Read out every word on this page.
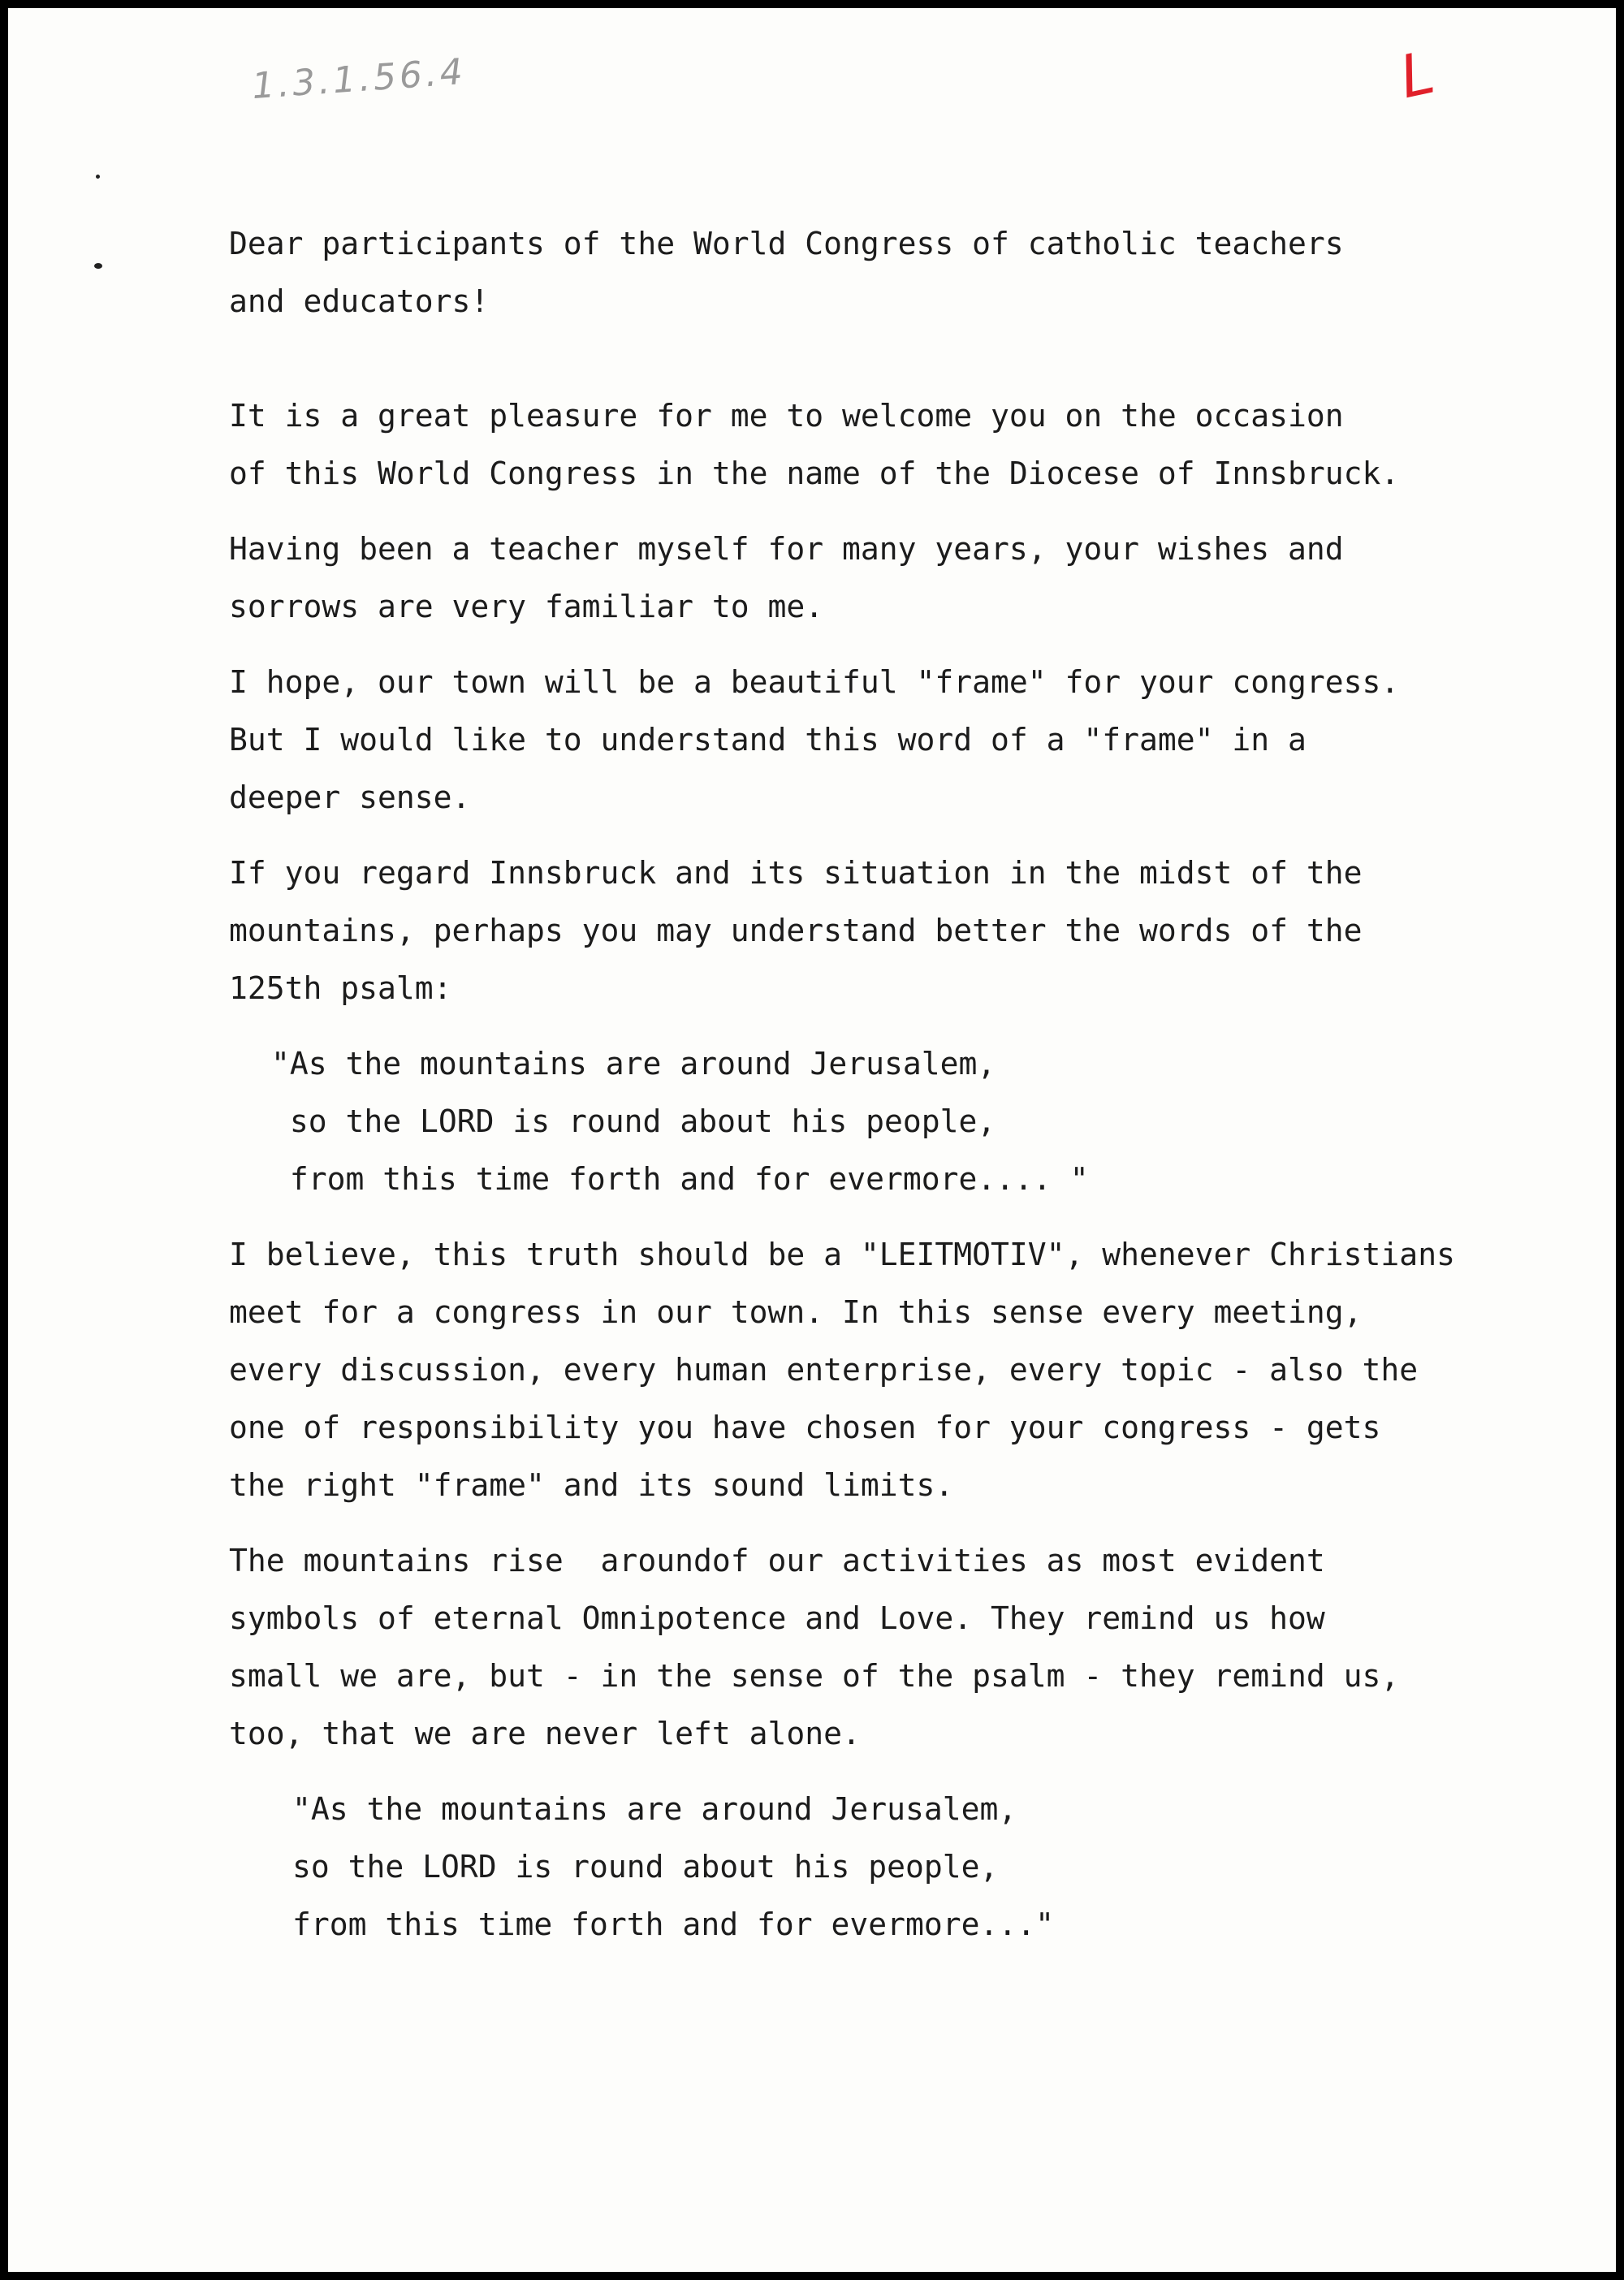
1.3.1.56.4	L
Dear participants of the World Congress of catholic teachers
and educators!
It is a great pleasure for me to welcome you on the occasion
of this World Congress in the name of the Diocese of Innsbruck.
Having been a teacher myself for many years, your wishes and
sorrows are very familiar to me.
I hope, our town will be a beautiful "frame" for your congress.
But I would like to understand this word of a "frame" in a
deeper sense.
If you regard Innsbruck and its situation in the midst of the
mountains, perhaps you may understand better the words of the
125th psalm:
"As the mountains are around Jerusalem,
so the LORD is round about his people,
from this time forth and for evermore.... "
I believe, this truth should be a "LEITMOTIV", whenever Christians
meet for a congress in our town. In this sense every meeting,
every discussion, every human enterprise, every topic - also the
one of responsibility you have chosen for your congress - gets
the right "frame" and its sound limits.
The mountains rise  aroundof our activities as most evident
symbols of eternal Omnipotence and Love. They remind us how
small we are, but - in the sense of the psalm - they remind us,
too, that we are never left alone.
"As the mountains are around Jerusalem,
so the LORD is round about his people,
from this time forth and for evermore..."
